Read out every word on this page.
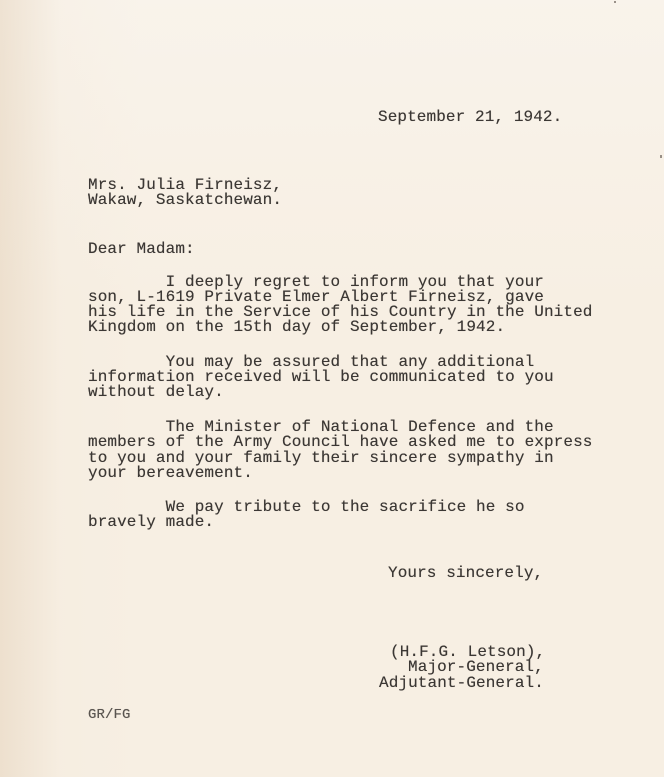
September 21, 1942.
Mrs. Julia Firneisz,
Wakaw, Saskatchewan.
Dear Madam:
I deeply regret to inform you that your
son, L-1619 Private Elmer Albert Firneisz, gave
his life in the Service of his Country in the United
Kingdom on the 15th day of September, 1942.
You may be assured that any additional
information received will be communicated to you
without delay.
The Minister of National Defence and the
members of the Army Council have asked me to express
to you and your family their sincere sympathy in
your bereavement.
We pay tribute to the sacrifice he so
bravely made.
Yours sincerely,
(H.F.G. Letson),
Major-General,
Adjutant-General.
GR/FG
